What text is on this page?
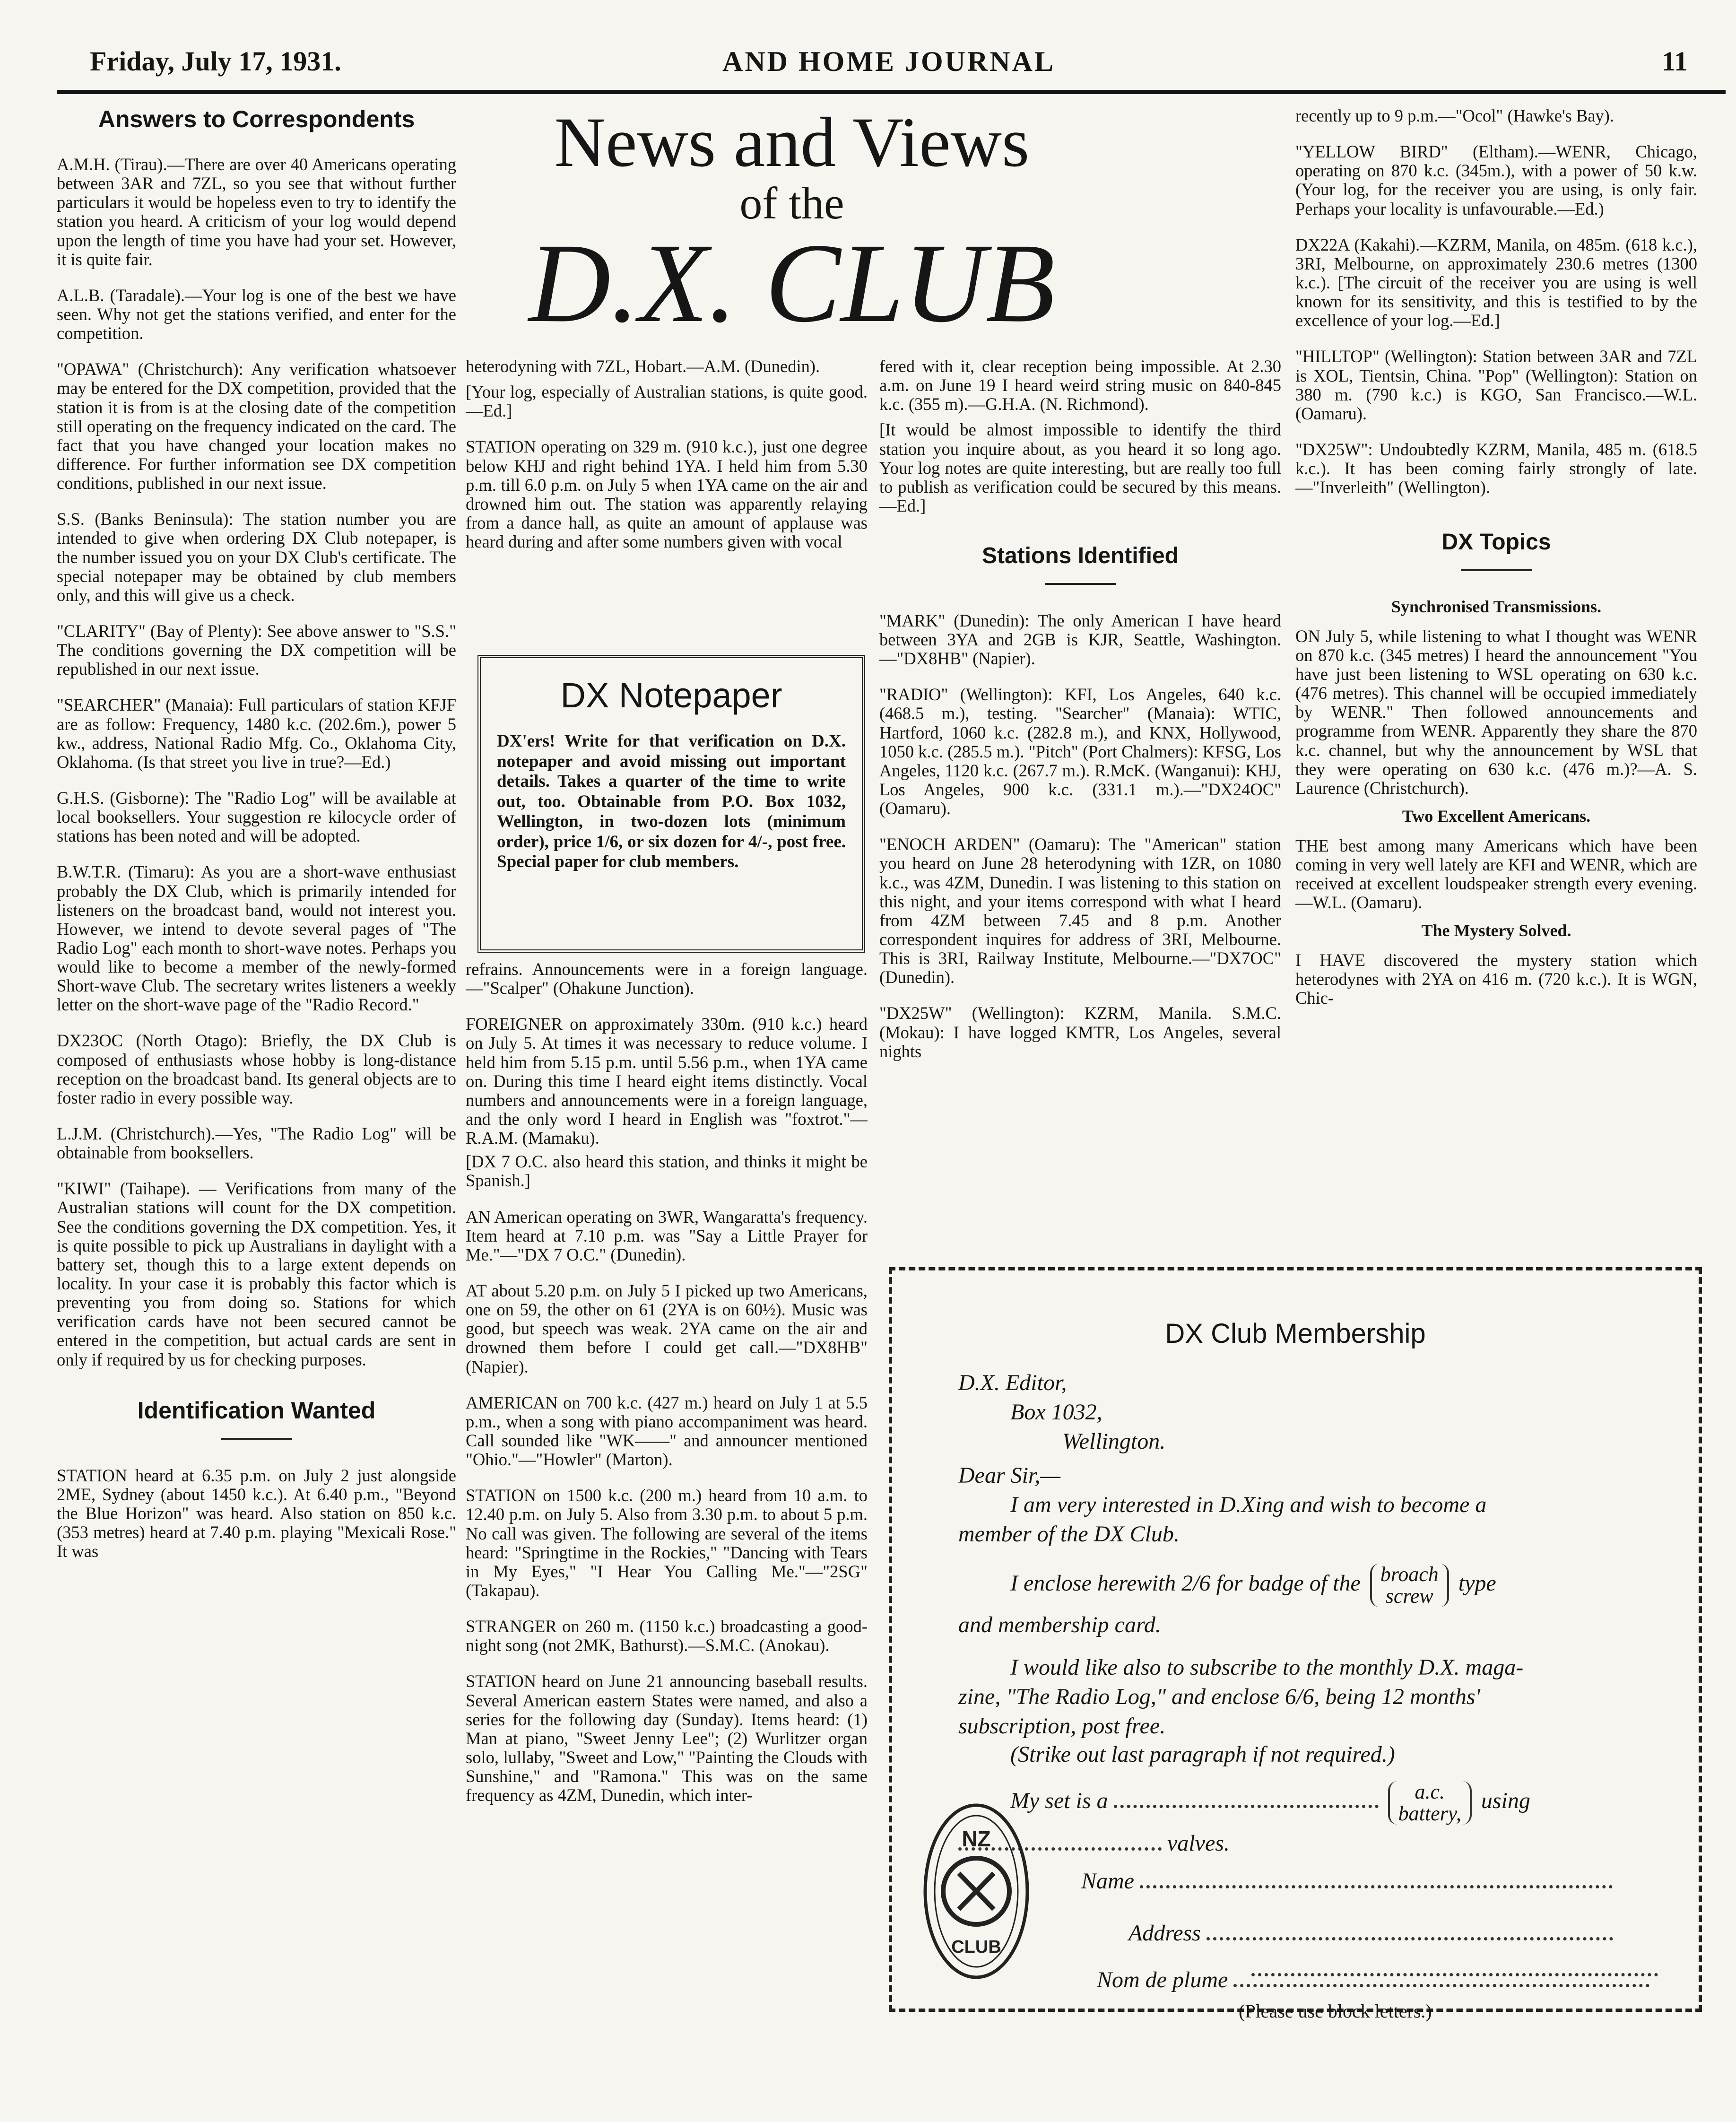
Friday, July 17, 1931.	AND HOME JOURNAL	11
News and Views
of the
D.X. CLUB
Answers to Correspondents

A.M.H. (Tirau).—There are over 40 Americans operating between 3AR and 7ZL, so you see that without further particulars it would be hopeless even to try to identify the station you heard. A criticism of your log would depend upon the length of time you have had your set. However, it is quite fair.

A.L.B. (Taradale).—Your log is one of the best we have seen. Why not get the stations verified, and enter for the competition.

"OPAWA" (Christchurch): Any verification whatsoever may be entered for the DX competition, provided that the station it is from is at the closing date of the competition still operating on the frequency indicated on the card. The fact that you have changed your location makes no difference. For further information see DX competition conditions, published in our next issue.

S.S. (Banks Beninsula): The station number you are intended to give when ordering DX Club notepaper, is the number issued you on your DX Club's certificate. The special notepaper may be obtained by club members only, and this will give us a check.

"CLARITY" (Bay of Plenty): See above answer to "S.S." The conditions governing the DX competition will be republished in our next issue.

"SEARCHER" (Manaia): Full particulars of station KFJF are as follow: Frequency, 1480 k.c. (202.6m.), power 5 kw., address, National Radio Mfg. Co., Oklahoma City, Oklahoma. (Is that street you live in true?—Ed.)

G.H.S. (Gisborne): The "Radio Log" will be available at local booksellers. Your suggestion re kilocycle order of stations has been noted and will be adopted.

B.W.T.R. (Timaru): As you are a short-wave enthusiast probably the DX Club, which is primarily intended for listeners on the broadcast band, would not interest you. However, we intend to devote several pages of "The Radio Log" each month to short-wave notes. Perhaps you would like to become a member of the newly-formed Short-wave Club. The secretary writes listeners a weekly letter on the short-wave page of the "Radio Record."

DX23OC (North Otago): Briefly, the DX Club is composed of enthusiasts whose hobby is long-distance reception on the broadcast band. Its general objects are to foster radio in every possible way.

L.J.M. (Christchurch).—Yes, "The Radio Log" will be obtainable from booksellers.

"KIWI" (Taihape). — Verifications from many of the Australian stations will count for the DX competition. See the conditions governing the DX competition. Yes, it is quite possible to pick up Australians in daylight with a battery set, though this to a large extent depends on locality. In your case it is probably this factor which is preventing you from doing so. Stations for which verification cards have not been secured cannot be entered in the competition, but actual cards are sent in only if required by us for checking purposes.

Identification Wanted

STATION heard at 6.35 p.m. on July 2 just alongside 2ME, Sydney (about 1450 k.c.). At 6.40 p.m., "Beyond the Blue Horizon" was heard. Also station on 850 k.c. (353 metres) heard at 7.40 p.m. playing "Mexicali Rose." It was

heterodyning with 7ZL, Hobart.—A.M. (Dunedin).

[Your log, especially of Australian stations, is quite good.—Ed.]

STATION operating on 329 m. (910 k.c.), just one degree below KHJ and right behind 1YA. I held him from 5.30 p.m. till 6.0 p.m. on July 5 when 1YA came on the air and drowned him out. The station was apparently relaying from a dance hall, as quite an amount of applause was heard during and after some numbers given with vocal

DX Notepaper
DX'ers! Write for that verification on D.X. notepaper and avoid missing out important details. Takes a quarter of the time to write out, too. Obtainable from P.O. Box 1032, Wellington, in two-dozen lots (minimum order), price 1/6, or six dozen for 4/-, post free. Special paper for club members.

refrains. Announcements were in a foreign language.—"Scalper" (Ohakune Junction).

FOREIGNER on approximately 330m. (910 k.c.) heard on July 5. At times it was necessary to reduce volume. I held him from 5.15 p.m. until 5.56 p.m., when 1YA came on. During this time I heard eight items distinctly. Vocal numbers and announcements were in a foreign language, and the only word I heard in English was "foxtrot."—R.A.M. (Mamaku).

[DX 7 O.C. also heard this station, and thinks it might be Spanish.]

AN American operating on 3WR, Wangaratta's frequency. Item heard at 7.10 p.m. was "Say a Little Prayer for Me."—"DX 7 O.C." (Dunedin).

AT about 5.20 p.m. on July 5 I picked up two Americans, one on 59, the other on 61 (2YA is on 60½). Music was good, but speech was weak. 2YA came on the air and drowned them before I could get call.—"DX8HB" (Napier).

AMERICAN on 700 k.c. (427 m.) heard on July 1 at 5.5 p.m., when a song with piano accompaniment was heard. Call sounded like "WK——" and announcer mentioned "Ohio."—"Howler" (Marton).

STATION on 1500 k.c. (200 m.) heard from 10 a.m. to 12.40 p.m. on July 5. Also from 3.30 p.m. to about 5 p.m. No call was given. The following are several of the items heard: "Springtime in the Rockies," "Dancing with Tears in My Eyes," "I Hear You Calling Me."—"2SG" (Takapau).

STRANGER on 260 m. (1150 k.c.) broadcasting a good-night song (not 2MK, Bathurst).—S.M.C. (Anokau).

STATION heard on June 21 announcing baseball results. Several American eastern States were named, and also a series for the following day (Sunday). Items heard: (1) Man at piano, "Sweet Jenny Lee"; (2) Wurlitzer organ solo, lullaby, "Sweet and Low," "Painting the Clouds with Sunshine," and "Ramona." This was on the same frequency as 4ZM, Dunedin, which inter-

fered with it, clear reception being impossible. At 2.30 a.m. on June 19 I heard weird string music on 840-845 k.c. (355 m).—G.H.A. (N. Richmond).

[It would be almost impossible to identify the third station you inquire about, as you heard it so long ago. Your log notes are quite interesting, but are really too full to publish as verification could be secured by this means.—Ed.]

Stations Identified

"MARK" (Dunedin): The only American I have heard between 3YA and 2GB is KJR, Seattle, Washington.—"DX8HB" (Napier).

"RADIO" (Wellington): KFI, Los Angeles, 640 k.c. (468.5 m.), testing. "Searcher" (Manaia): WTIC, Hartford, 1060 k.c. (282.8 m.), and KNX, Hollywood, 1050 k.c. (285.5 m.). "Pitch" (Port Chalmers): KFSG, Los Angeles, 1120 k.c. (267.7 m.). R.McK. (Wanganui): KHJ, Los Angeles, 900 k.c. (331.1 m.).—"DX24OC" (Oamaru).

"ENOCH ARDEN" (Oamaru): The "American" station you heard on June 28 heterodyning with 1ZR, on 1080 k.c., was 4ZM, Dunedin. I was listening to this station on this night, and your items correspond with what I heard from 4ZM between 7.45 and 8 p.m. Another correspondent inquires for address of 3RI, Melbourne. This is 3RI, Railway Institute, Melbourne.—"DX7OC" (Dunedin).

"DX25W" (Wellington): KZRM, Manila. S.M.C. (Mokau): I have logged KMTR, Los Angeles, several nights

recently up to 9 p.m.—"Ocol" (Hawke's Bay).

"YELLOW BIRD" (Eltham).—WENR, Chicago, operating on 870 k.c. (345m.), with a power of 50 k.w. (Your log, for the receiver you are using, is only fair. Perhaps your locality is unfavourable.—Ed.)

DX22A (Kakahi).—KZRM, Manila, on 485m. (618 k.c.), 3RI, Melbourne, on approximately 230.6 metres (1300 k.c.). [The circuit of the receiver you are using is well known for its sensitivity, and this is testified to by the excellence of your log.—Ed.]

"HILLTOP" (Wellington): Station between 3AR and 7ZL is XOL, Tientsin, China. "Pop" (Wellington): Station on 380 m. (790 k.c.) is KGO, San Francisco.—W.L. (Oamaru).

"DX25W": Undoubtedly KZRM, Manila, 485 m. (618.5 k.c.). It has been coming fairly strongly of late.—"Inverleith" (Wellington).

DX Topics
Synchronised Transmissions.

ON July 5, while listening to what I thought was WENR on 870 k.c. (345 metres) I heard the announcement "You have just been listening to WSL operating on 630 k.c. (476 metres). This channel will be occupied immediately by WENR." Then followed announcements and programme from WENR. Apparently they share the 870 k.c. channel, but why the announcement by WSL that they were operating on 630 k.c. (476 m.)?—A. S. Laurence (Christchurch).

Two Excellent Americans.

THE best among many Americans which have been coming in very well lately are KFI and WENR, which are received at excellent loudspeaker strength every evening.—W.L. (Oamaru).

The Mystery Solved.

I HAVE discovered the mystery station which heterodynes with 2YA on 416 m. (720 k.c.). It is WGN, Chic-

DX Club Membership
D.X. Editor,
Box 1032,
Wellington.
Dear Sir,—
I am very interested in D.Xing and wish to become a
member of the DX Club.
I enclose herewith 2/6 for badge of the broach
screw type
and membership card.
I would like also to subscribe to the monthly D.X. maga-
zine, "The Radio Log," and enclose 6/6, being 12 months'
subscription, post free.
(Strike out last paragraph if not required.)
My set is a	a.c.
battery, using
valves.
Name
Address
Nom de plume
(Please use block letters.)
NZ
CLUB
